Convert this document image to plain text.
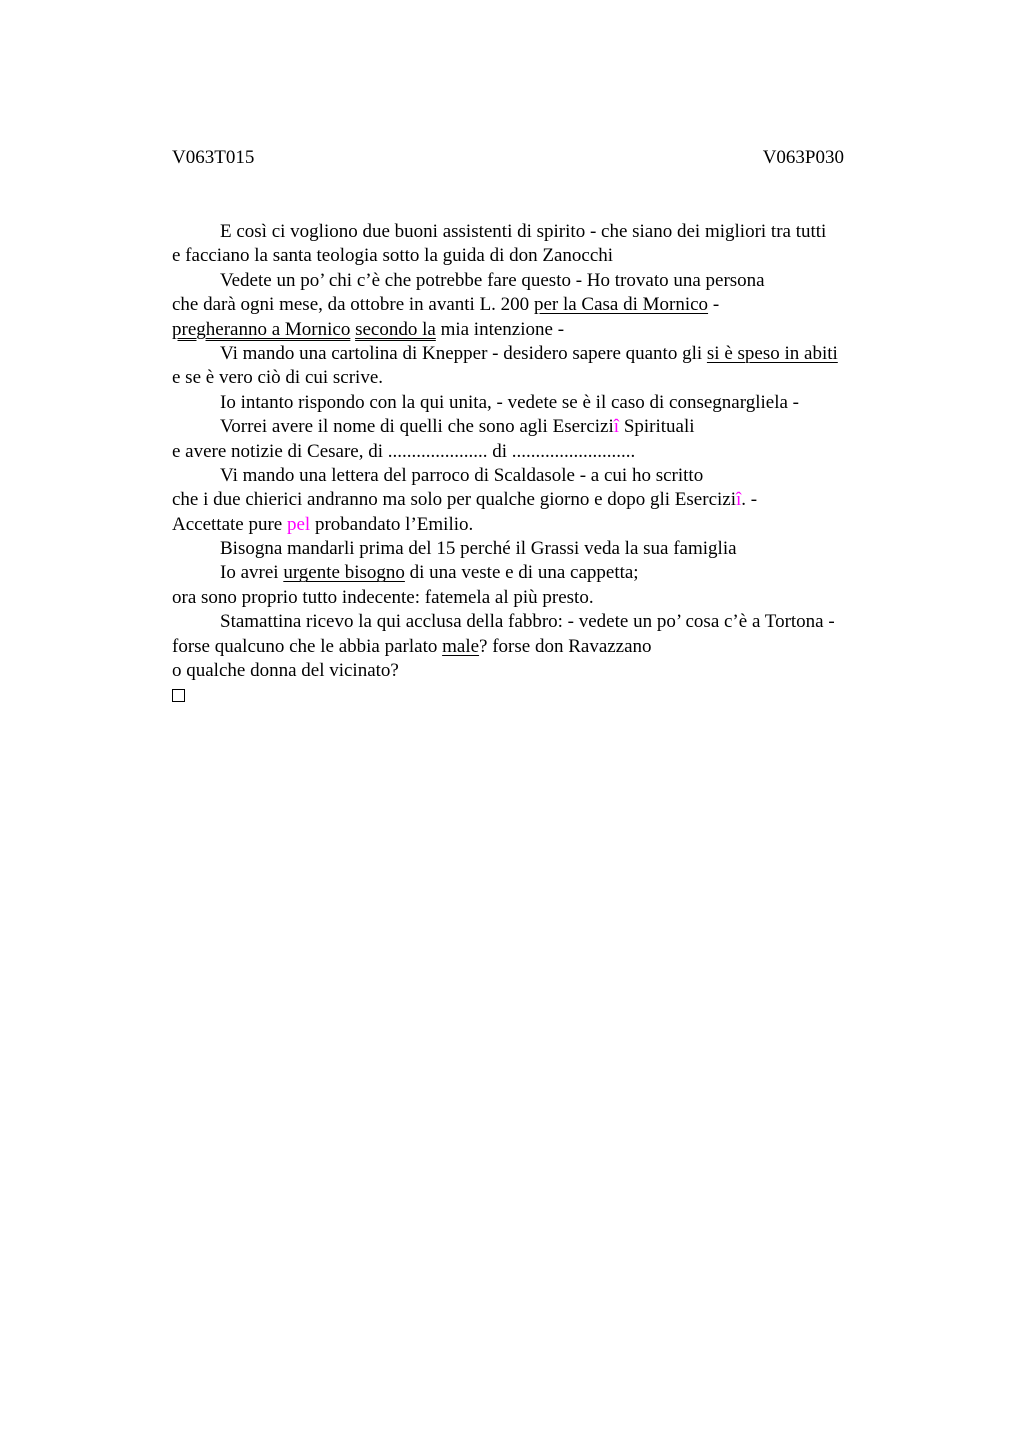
V063T015	V063P030
E così ci vogliono due buoni assistenti di spirito - che siano dei migliori tra tutti
e facciano la santa teologia sotto la guida di don Zanocchi
Vedete un po’ chi c’è che potrebbe fare questo - Ho trovato una persona
che darà ogni mese, da ottobre in avanti L. 200 per la Casa di Mornico -
pregheranno a Mornico secondo la mia intenzione -
Vi mando una cartolina di Knepper - desidero sapere quanto gli si è speso in abiti
e se è vero ciò di cui scrive.
Io intanto rispondo con la qui unita, - vedete se è il caso di consegnargliela -
Vorrei avere il nome di quelli che sono agli Eserciziî Spirituali
e avere notizie di Cesare, di ..................... di ..........................
Vi mando una lettera del parroco di Scaldasole - a cui ho scritto
che i due chierici andranno ma solo per qualche giorno e dopo gli Eserciziî. -
Accettate pure pel probandato l’Emilio.
Bisogna mandarli prima del 15 perché il Grassi veda la sua famiglia
Io avrei urgente bisogno di una veste e di una cappetta;
ora sono proprio tutto indecente: fatemela al più presto.
Stamattina ricevo la qui acclusa della fabbro: - vedete un po’ cosa c’è a Tortona -
forse qualcuno che le abbia parlato male? forse don Ravazzano
o qualche donna del vicinato?
